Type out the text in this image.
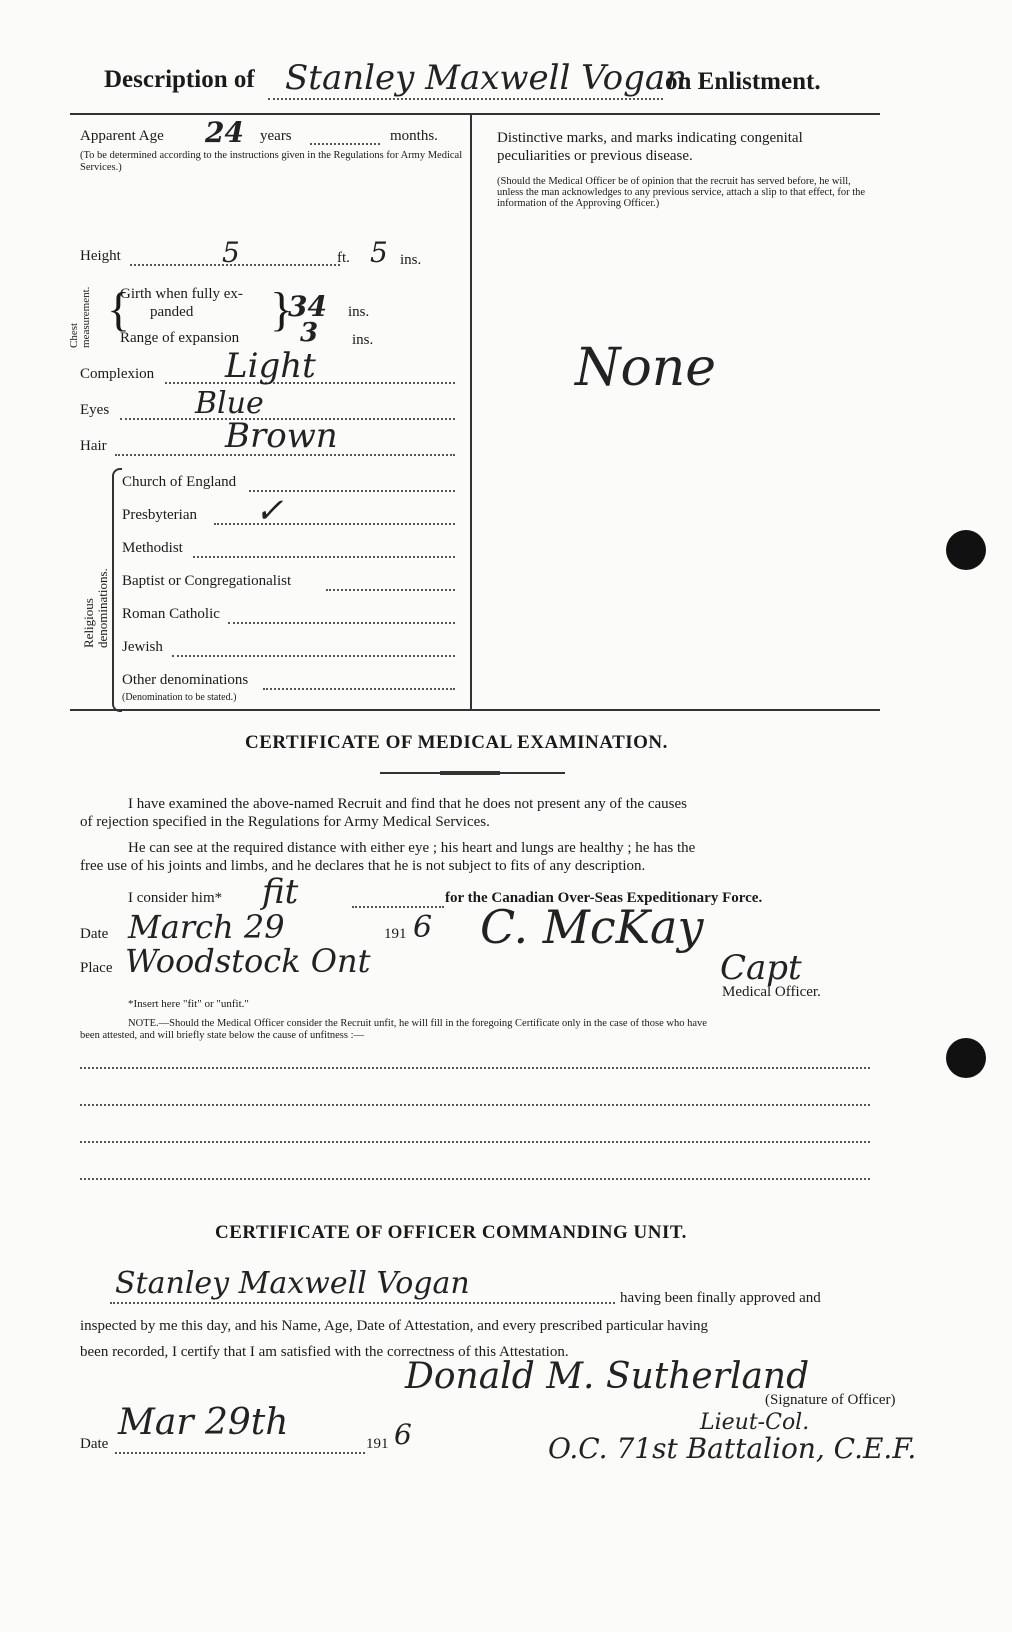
Description of Stanley Maxwell Vogan
on Enlistment.
Apparent Age 24 years	months.
(To be determined according to the instructions given in the Regulations for Army Medical Services.)
Height	5	ft. 5 ins.
Chest measurement. {
Girth when fully ex-
panded }
34 ins.
Range of expansion 3 ins.
Complexion Light
Eyes	Blue
Hair	Brown
Religious denominations.
Church of England
Presbyterian ✓
Methodist
Baptist or Congregationalist
Roman Catholic
Jewish
Other denominations
(Denomination to be stated.)
Distinctive marks, and marks indicating congenital
peculiarities or previous disease.
(Should the Medical Officer be of opinion that the recruit has served before, he will, unless the man acknowledges to any previous service, attach a slip to that effect, for the information of the Approving Officer.)
None
CERTIFICATE OF MEDICAL EXAMINATION.
I have examined the above-named Recruit and find that he does not present any of the causes
of rejection specified in the Regulations for Army Medical Services.
He can see at the required distance with either eye ; his heart and lungs are healthy ; he has the
free use of his joints and limbs, and he declares that he is not subject to fits of any description.
I consider him* fit	for the Canadian Over-Seas Expeditionary Force.
Date March 29	191 6
Place Woodstock Ont
C. McKay
Capt
Medical Officer.
*Insert here "fit" or "unfit."
NOTE.—Should the Medical Officer consider the Recruit unfit, he will fill in the foregoing Certificate only in the case of those who have
been attested, and will briefly state below the cause of unfitness :—
CERTIFICATE OF OFFICER COMMANDING UNIT.
Stanley Maxwell Vogan	having been finally approved and
inspected by me this day, and his Name, Age, Date of Attestation, and every prescribed particular having
been recorded, I certify that I am satisfied with the correctness of this Attestation.
Donald M. Sutherland
(Signature of Officer)
Lieut-Col.
O.C. 71st Battalion, C.E.F.
Date
Mar 29th
191 6
